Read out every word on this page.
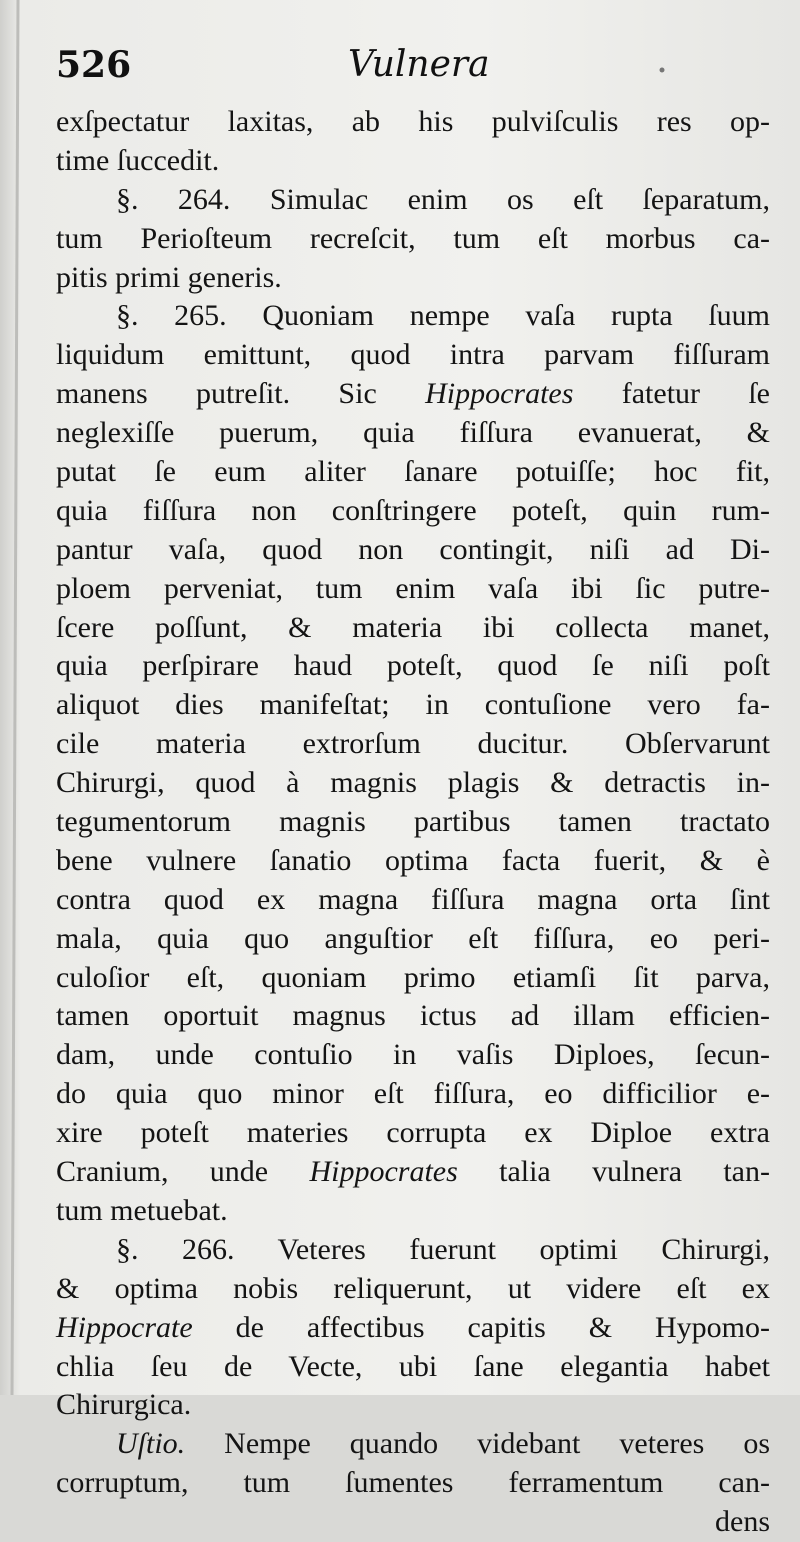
526	Vulnera
exſpectatur laxitas, ab his pulviſculis res op-
time ſuccedit.
§. 264. Simulac enim os eſt ſeparatum,
tum Perioſteum recreſcit, tum eſt morbus ca-
pitis primi generis.
§. 265. Quoniam nempe vaſa rupta ſuum
liquidum emittunt, quod intra parvam fiſſuram
manens putreſit. Sic Hippocrates fatetur ſe
neglexiſſe puerum, quia fiſſura evanuerat, &
putat ſe eum aliter ſanare potuiſſe; hoc fit,
quia fiſſura non conſtringere poteſt, quin rum-
pantur vaſa, quod non contingit, niſi ad Di-
ploem perveniat, tum enim vaſa ibi ſic putre-
ſcere poſſunt, & materia ibi collecta manet,
quia perſpirare haud poteſt, quod ſe niſi poſt
aliquot dies manifeſtat; in contuſione vero fa-
cile materia extrorſum ducitur. Obſervarunt
Chirurgi, quod à magnis plagis & detractis in-
tegumentorum magnis partibus tamen tractato
bene vulnere ſanatio optima facta fuerit, & è
contra quod ex magna fiſſura magna orta ſint
mala, quia quo anguſtior eſt fiſſura, eo peri-
culoſior eſt, quoniam primo etiamſi ſit parva,
tamen oportuit magnus ictus ad illam efficien-
dam, unde contuſio in vaſis Diploes, ſecun-
do quia quo minor eſt fiſſura, eo difficilior e-
xire poteſt materies corrupta ex Diploe extra
Cranium, unde Hippocrates talia vulnera tan-
tum metuebat.
§. 266. Veteres fuerunt optimi Chirurgi,
& optima nobis reliquerunt, ut videre eſt ex
Hippocrate de affectibus capitis & Hypomo-
chlia ſeu de Vecte, ubi ſane elegantia habet
Chirurgica.
Uſtio. Nempe quando videbant veteres os
corruptum, tum ſumentes ferramentum can-
dens
